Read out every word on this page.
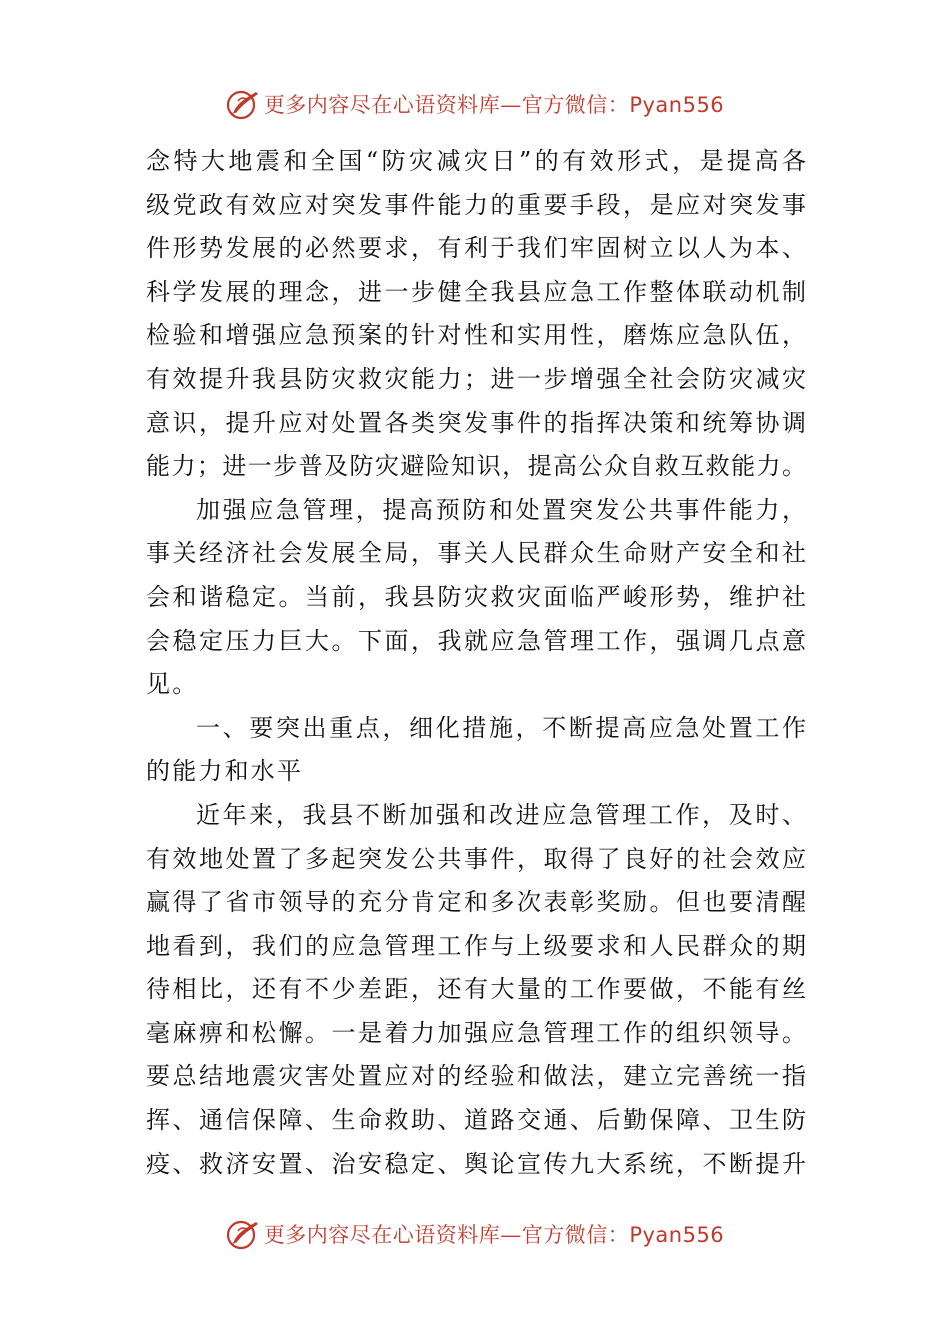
更多内容尽在心语资料库—官方微信：Pyan556
念特大地震和全国“防灾减灾日”的有效形式，是提高各
级党政有效应对突发事件能力的重要手段，是应对突发事
件形势发展的必然要求，有利于我们牢固树立以人为本、
科学发展的理念，进一步健全我县应急工作整体联动机制
检验和增强应急预案的针对性和实用性，磨炼应急队伍，
有效提升我县防灾救灾能力；进一步增强全社会防灾减灾
意识，提升应对处置各类突发事件的指挥决策和统筹协调
能力；进一步普及防灾避险知识，提高公众自救互救能力。
加强应急管理，提高预防和处置突发公共事件能力，
事关经济社会发展全局，事关人民群众生命财产安全和社
会和谐稳定。当前，我县防灾救灾面临严峻形势，维护社
会稳定压力巨大。下面，我就应急管理工作，强调几点意
见。
一、要突出重点，细化措施，不断提高应急处置工作
的能力和水平
近年来，我县不断加强和改进应急管理工作，及时、
有效地处置了多起突发公共事件，取得了良好的社会效应
赢得了省市领导的充分肯定和多次表彰奖励。但也要清醒
地看到，我们的应急管理工作与上级要求和人民群众的期
待相比，还有不少差距，还有大量的工作要做，不能有丝
毫麻痹和松懈。一是着力加强应急管理工作的组织领导。
要总结地震灾害处置应对的经验和做法，建立完善统一指
挥、通信保障、生命救助、道路交通、后勤保障、卫生防
疫、救济安置、治安稳定、舆论宣传九大系统，不断提升
更多内容尽在心语资料库—官方微信：Pyan556
